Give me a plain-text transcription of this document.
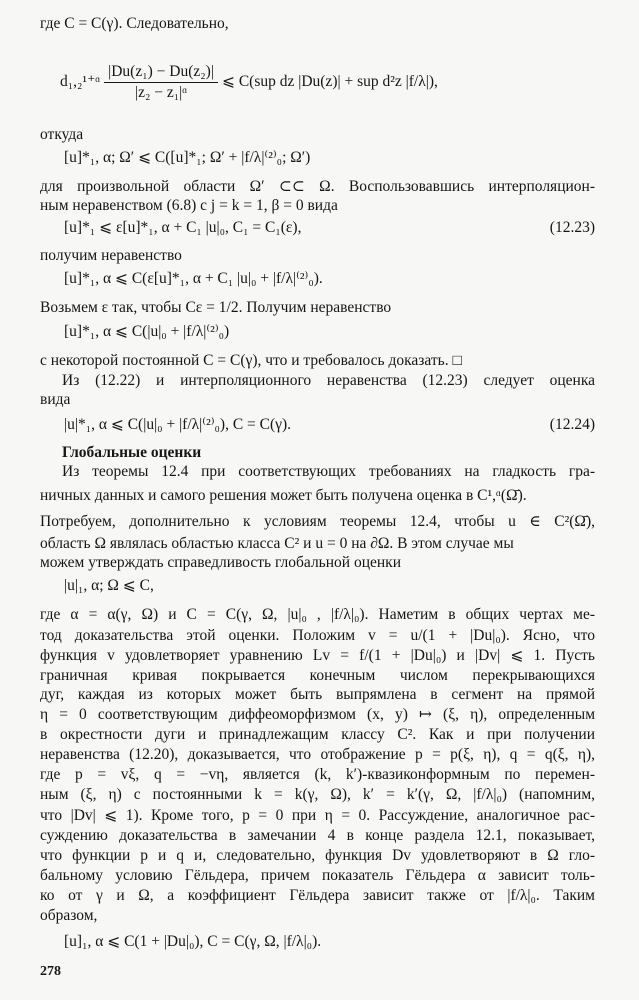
где C = C(γ). Следовательно,
d₁,₂¹⁺ᵅ $\frac{\text{|Du(z₁) − Du(z₂)|}}{\text{|z₂ − z₁|ᵅ}}$ ⩽ C(sup dz |Du(z)| + sup d²z |f/λ|),
откуда
[u]*₁, α; Ω′ ⩽ C([u]*₁; Ω′ + |f/λ|⁽²⁾₀; Ω′)
для произвольной области Ω′ ⊂⊂ Ω. Воспользовавшись интерполяцион-
ным неравенством (6.8) с j = k = 1, β = 0 вида
[u]*₁ ⩽ ε[u]*₁, α + C₁ |u|₀, C₁ = C₁(ε),	(12.23)
получим неравенство
[u]*₁, α ⩽ C(ε[u]*₁, α + C₁ |u|₀ + |f/λ|⁽²⁾₀).
Возьмем ε так, чтобы Cε = 1/2. Получим неравенство
[u]*₁, α ⩽ C(|u|₀ + |f/λ|⁽²⁾₀)
с некоторой постоянной C = C(γ), что и требовалось доказать. □
Из (12.22) и интерполяционного неравенства (12.23) следует оценка
вида
|u|*₁, α ⩽ C(|u|₀ + |f/λ|⁽²⁾₀), C = C(γ).	(12.24)
Глобальные оценки
Из теоремы 12.4 при соответствующих требованиях на гладкость гра-
ничных данных и самого решения может быть получена оценка в C¹,ᵅ(Ω̄).
Потребуем, дополнительно к условиям теоремы 12.4, чтобы u ∈ C²(Ω̄),
область Ω являлась областью класса C² и u = 0 на ∂Ω. В этом случае мы
можем утверждать справедливость глобальной оценки
|u|₁, α; Ω ⩽ C,
где α = α(γ, Ω) и C = C(γ, Ω, |u|₀ , |f/λ|₀). Наметим в общих чертах ме-
тод доказательства этой оценки. Положим v = u/(1 + |Du|₀). Ясно, что
функция v удовлетворяет уравнению Lv = f/(1 + |Du|₀) и |Dv| ⩽ 1. Пусть
граничная кривая покрывается конечным числом перекрывающихся
дуг, каждая из которых может быть выпрямлена в сегмент на прямой
η = 0 соответствующим диффеоморфизмом (x, y) ↦ (ξ, η), определенным
в окрестности дуги и принадлежащим классу C². Как и при получении
неравенства (12.20), доказывается, что отображение p = p(ξ, η), q = q(ξ, η),
где p = vξ, q = −vη, является (k, k′)-квазиконформным по перемен-
ным (ξ, η) с постоянными k = k(γ, Ω), k′ = k′(γ, Ω, |f/λ|₀) (напомним,
что |Dv| ⩽ 1). Кроме того, p = 0 при η = 0. Рассуждение, аналогичное рас-
суждению доказательства в замечании 4 в конце раздела 12.1, показывает,
что функции p и q и, следовательно, функция Dv удовлетворяют в Ω гло-
бальному условию Гёльдера, причем показатель Гёльдера α зависит толь-
ко от γ и Ω, а коэффициент Гёльдера зависит также от |f/λ|₀. Таким
образом,
[u]₁, α ⩽ C(1 + |Du|₀), C = C(γ, Ω, |f/λ|₀).
278
